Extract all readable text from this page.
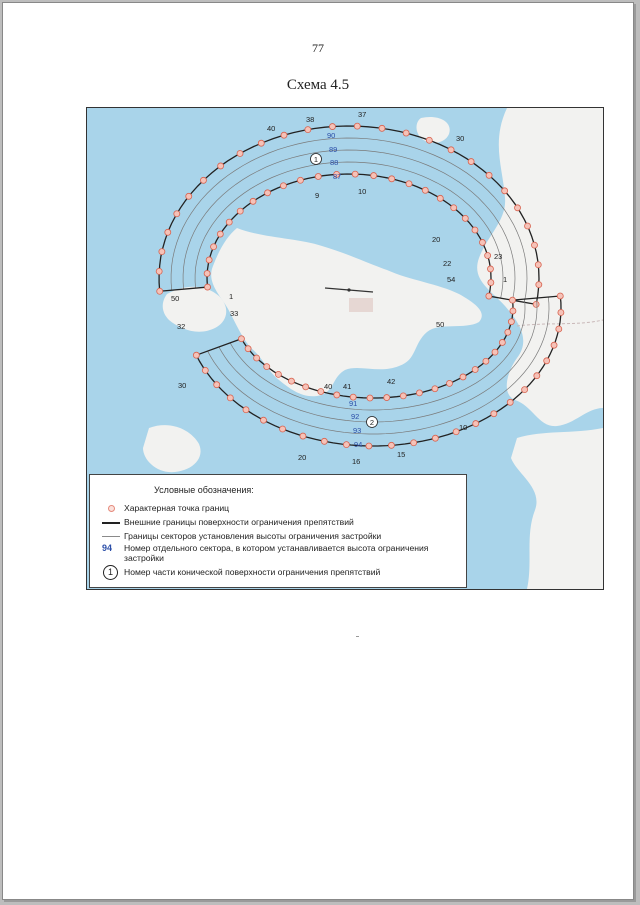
77
Схема 4.5
37
38
40
30
9	10
20
22
23
50	1
54	1
50
32
33
30	40 41
42
10
15
16
20
90
89
88
87
91
92
93
94
1
2
Условные обозначения:
Характерная точка границ
Внешние границы поверхности ограничения препятствий
Границы секторов установления высоты ограничения застройки
94 Номер отдельного сектора, в котором устанавливается высота ограничения застройки
1	Номер части конической поверхности ограничения препятствий
